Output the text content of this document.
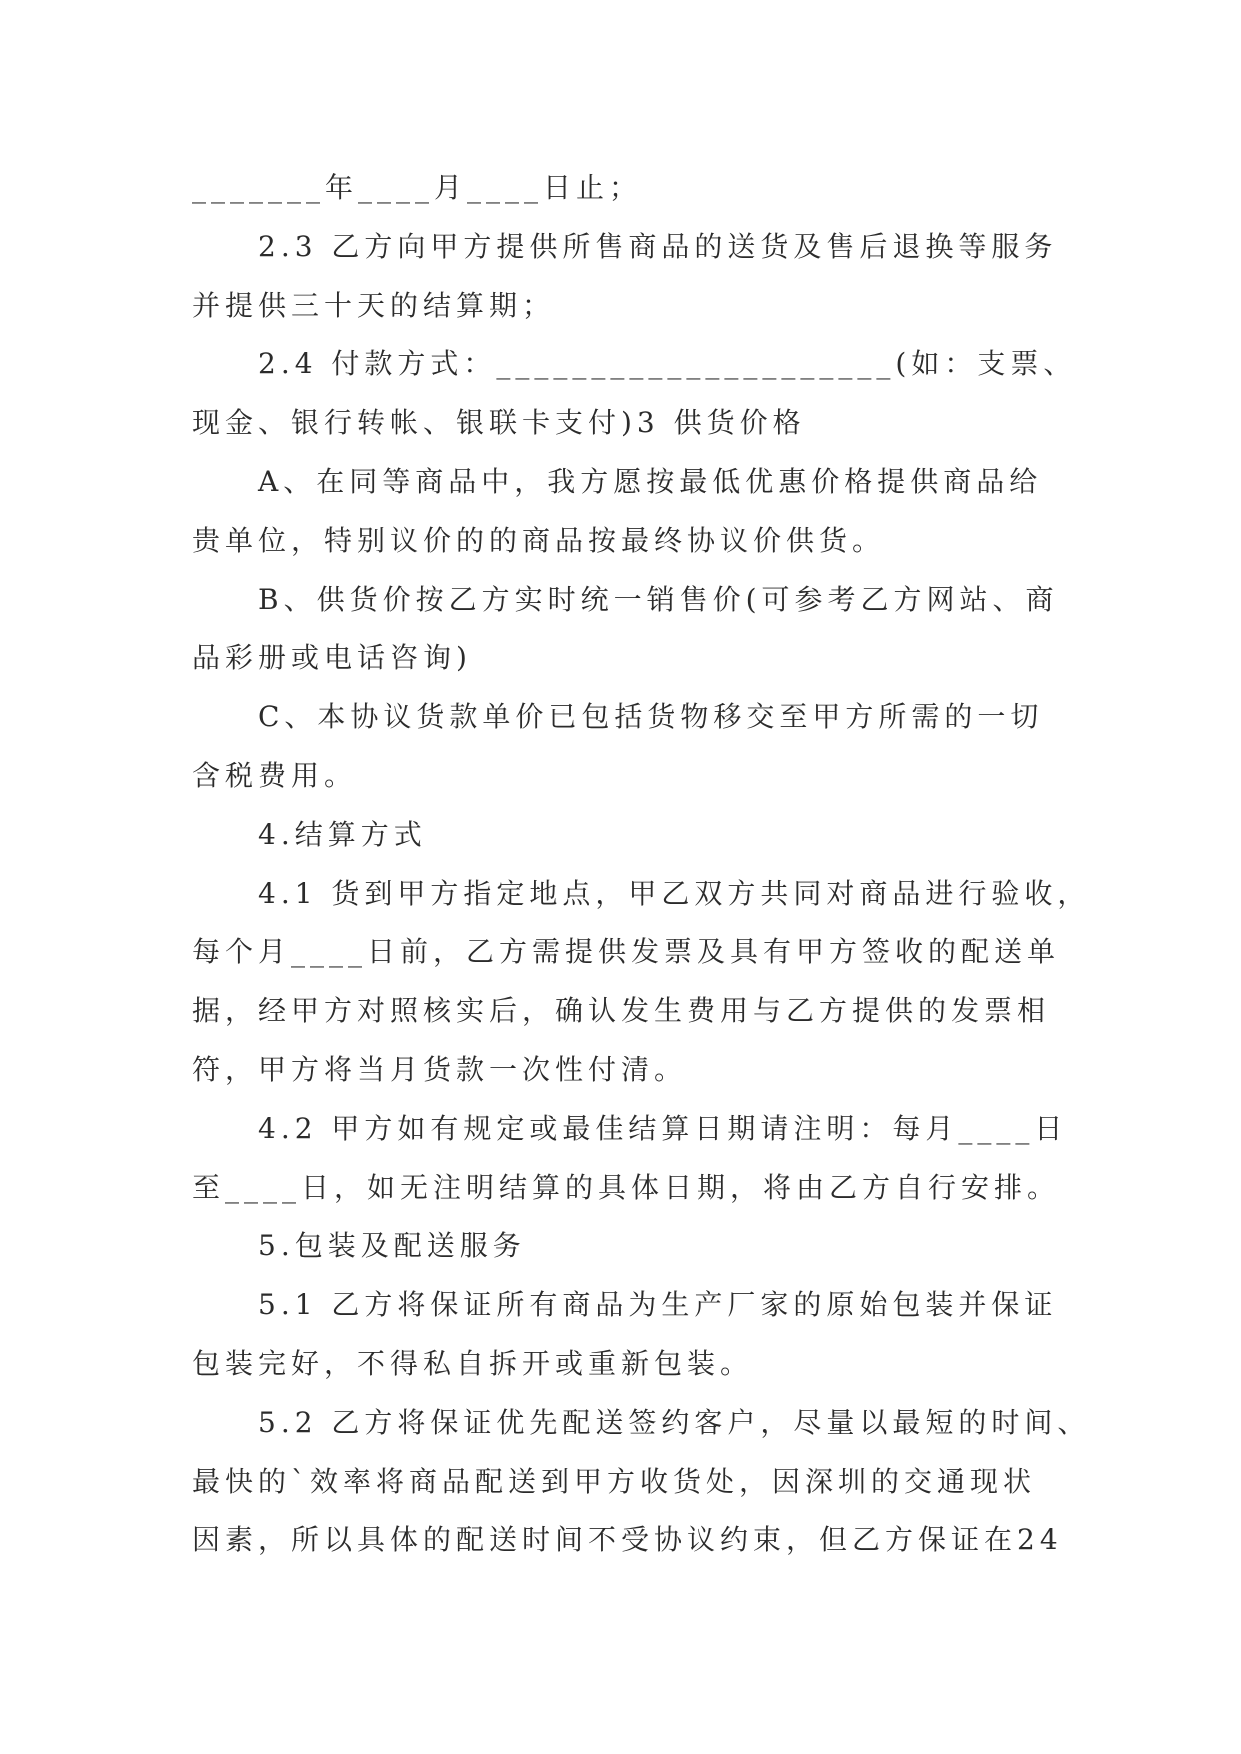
_______年____月____日止；
2.3 乙方向甲方提供所售商品的送货及售后退换等服务
并提供三十天的结算期；
2.4 付款方式：_____________________(如：支票、
现金、银行转帐、银联卡支付)3 供货价格
A、在同等商品中，我方愿按最低优惠价格提供商品给
贵单位，特别议价的的商品按最终协议价供货。
B、供货价按乙方实时统一销售价(可参考乙方网站、商
品彩册或电话咨询)
C、本协议货款单价已包括货物移交至甲方所需的一切
含税费用。
4.结算方式
4.1 货到甲方指定地点，甲乙双方共同对商品进行验收，
每个月____日前，乙方需提供发票及具有甲方签收的配送单
据，经甲方对照核实后，确认发生费用与乙方提供的发票相
符，甲方将当月货款一次性付清。
4.2 甲方如有规定或最佳结算日期请注明：每月____日
至____日，如无注明结算的具体日期，将由乙方自行安排。
5.包装及配送服务
5.1 乙方将保证所有商品为生产厂家的原始包装并保证
包装完好，不得私自拆开或重新包装。
5.2 乙方将保证优先配送签约客户，尽量以最短的时间、
最快的`效率将商品配送到甲方收货处，因深圳的交通现状
因素，所以具体的配送时间不受协议约束，但乙方保证在24
